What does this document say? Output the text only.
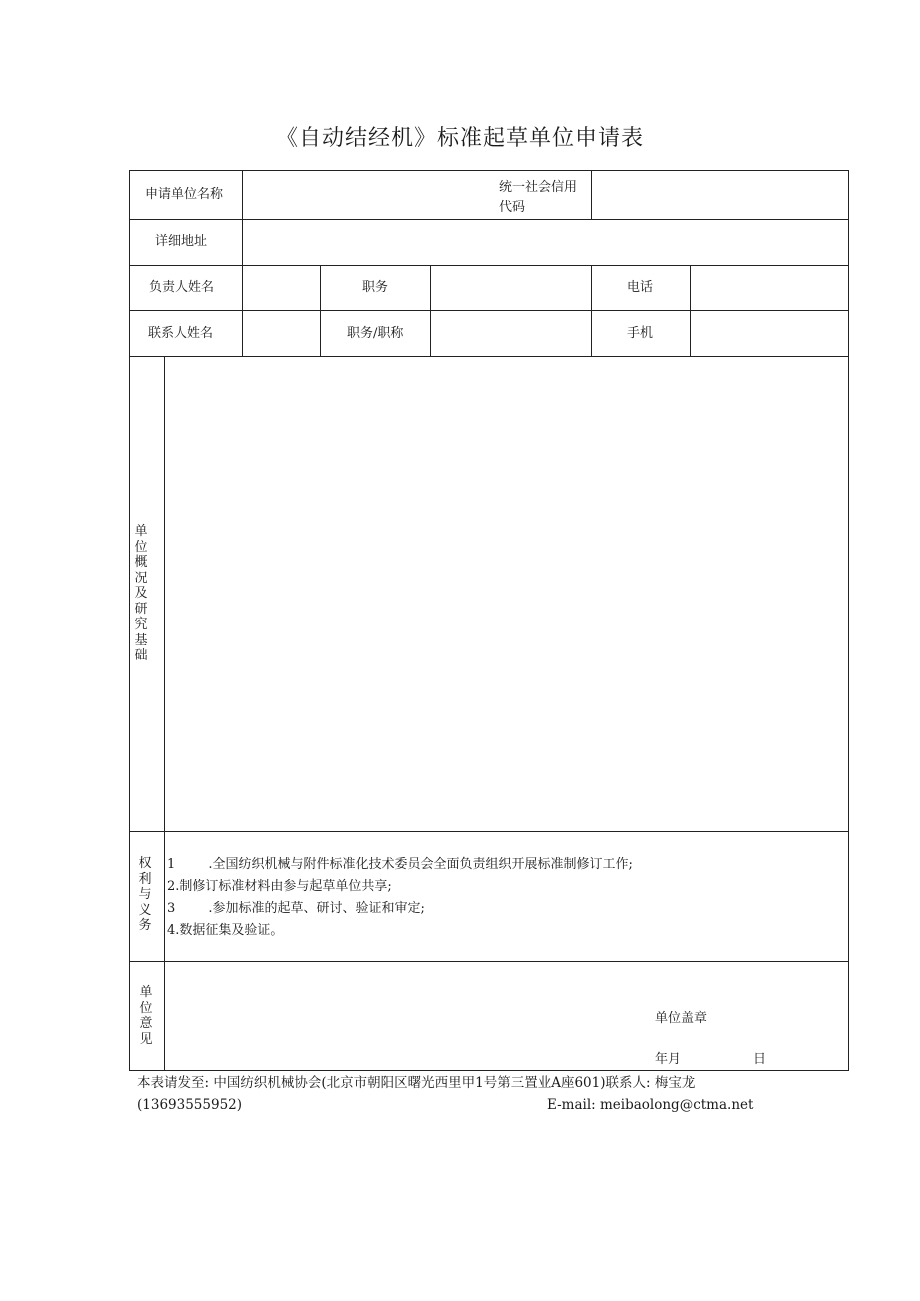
《自动结经机》标准起草单位申请表
申请单位名称	统一社会信用
代码
详细地址
负责人姓名	职务	电话
联系人姓名	职务/职称	手机
单位概况及研究基础
权利与义务
1        .全国纺织机械与附件标准化技术委员会全面负责组织开展标准制修订工作;
2.制修订标准材料由参与起草单位共享;
3        .参加标准的起草、研讨、验证和审定;
4.数据征集及验证。
单位意见
单位盖章
年月	日
本表请发至: 中国纺织机械协会(北京市朝阳区曙光西里甲1号第三置业A座601)联系人: 梅宝龙
(13693555952)	E-mail: meibaolong@ctma.net
